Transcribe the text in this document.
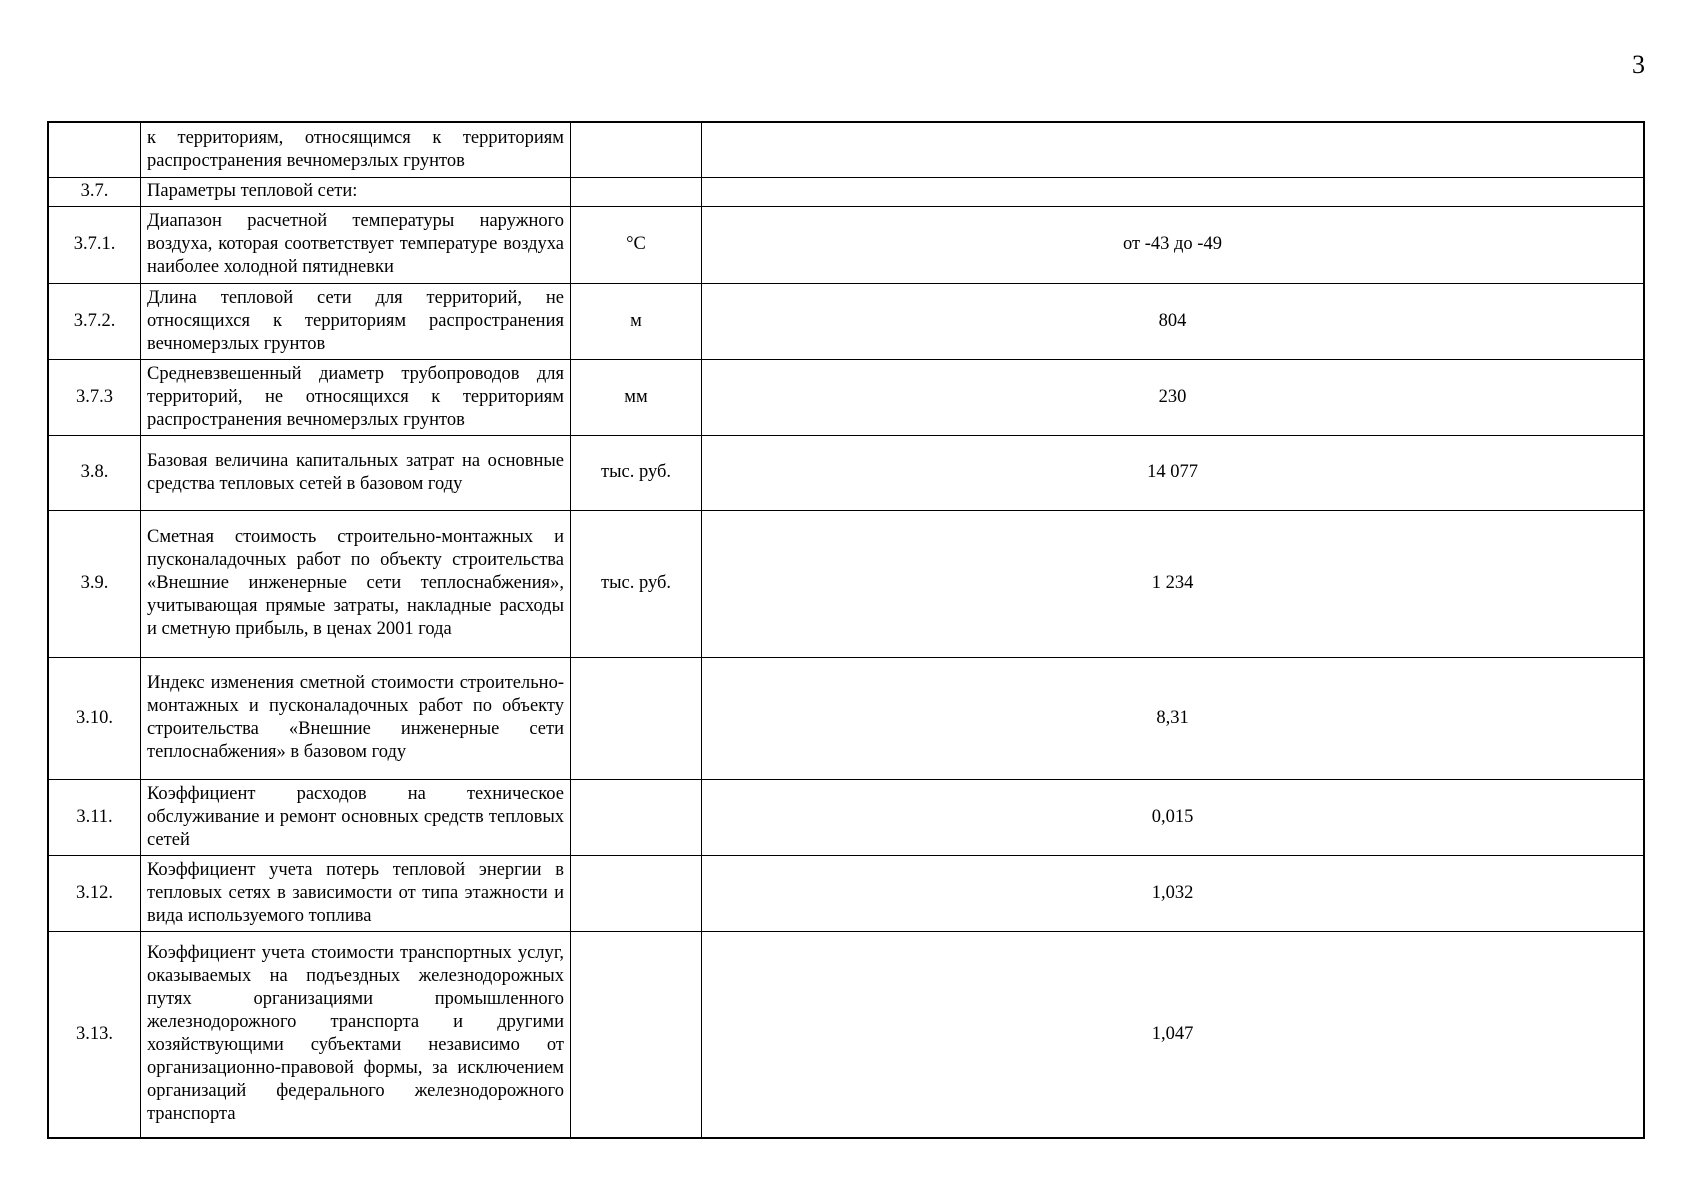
3
	к территориям, относящимся к территориям распространения вечномерзлых грунтов		
3.7.	Параметры тепловой сети:		
3.7.1.	Диапазон расчетной температуры наружного воздуха, которая соответствует температуре воздуха наиболее холодной пятидневки	°С	от -43 до -49
3.7.2.	Длина тепловой сети для территорий, не относящихся к территориям распространения вечномерзлых грунтов	м	804
3.7.3	Средневзвешенный диаметр трубопроводов для территорий, не относящихся к территориям распространения вечномерзлых грунтов	мм	230
3.8.	Базовая величина капитальных затрат на основные средства тепловых сетей в базовом году	тыс. руб.	14 077
3.9.	Сметная стоимость строительно-монтажных и пусконаладочных работ по объекту строительства «Внешние инженерные сети теплоснабжения», учитывающая прямые затраты, накладные расходы и сметную прибыль, в ценах 2001 года	тыс. руб.	1 234
3.10.	Индекс изменения сметной стоимости строительно-монтажных и пусконаладочных работ по объекту строительства «Внешние инженерные сети теплоснабжения» в базовом году		8,31
3.11.	Коэффициент расходов на техническое обслуживание и ремонт основных средств тепловых сетей		0,015
3.12.	Коэффициент учета потерь тепловой энергии в тепловых сетях в зависимости от типа этажности и вида используемого топлива		1,032
3.13.	Коэффициент учета стоимости транспортных услуг, оказываемых на подъездных железнодорожных путях организациями промышленного железнодорожного транспорта и другими хозяйствующими субъектами независимо от организационно-правовой формы, за исключением организаций федерального железнодорожного транспорта		1,047
